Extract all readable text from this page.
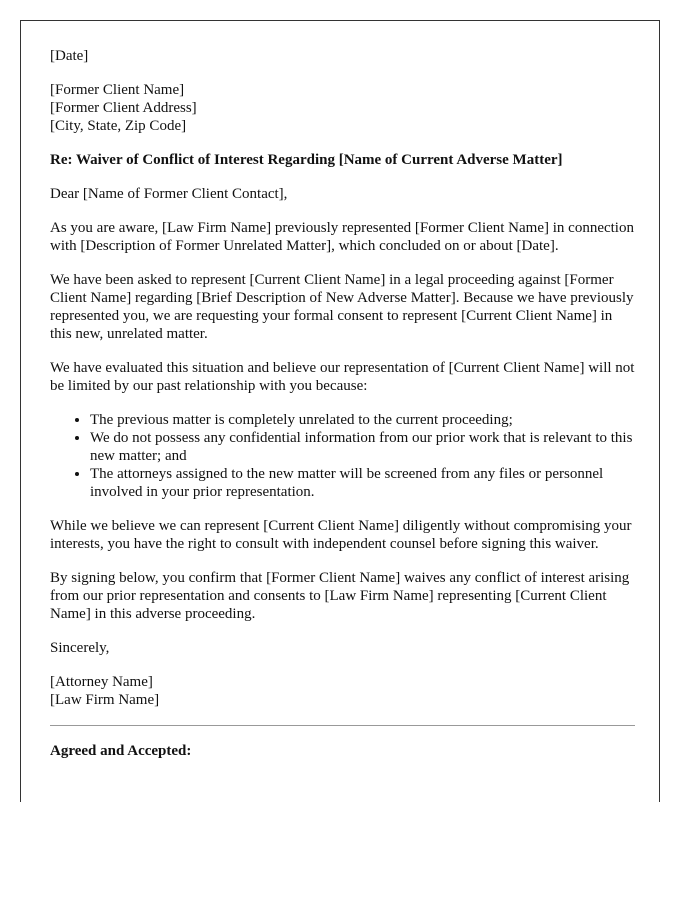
[Date]

[Former Client Name]
[Former Client Address]
[City, State, Zip Code]

Re: Waiver of Conflict of Interest Regarding [Name of Current Adverse Matter]

Dear [Name of Former Client Contact],

As you are aware, [Law Firm Name] previously represented [Former Client Name] in connection with [Description of Former Unrelated Matter], which concluded on or about [Date].

We have been asked to represent [Current Client Name] in a legal proceeding against [Former Client Name] regarding [Brief Description of New Adverse Matter]. Because we have previously represented you, we are requesting your formal consent to represent [Current Client Name] in this new, unrelated matter.

We have evaluated this situation and believe our representation of [Current Client Name] will not be limited by our past relationship with you because:

• The previous matter is completely unrelated to the current proceeding;
• We do not possess any confidential information from our prior work that is relevant to this new matter; and
• The attorneys assigned to the new matter will be screened from any files or personnel involved in your prior representation.

While we believe we can represent [Current Client Name] diligently without compromising your interests, you have the right to consult with independent counsel before signing this waiver.

By signing below, you confirm that [Former Client Name] waives any conflict of interest arising from our prior representation and consents to [Law Firm Name] representing [Current Client Name] in this adverse proceeding.

Sincerely,

[Attorney Name]
[Law Firm Name]

Agreed and Accepted:
